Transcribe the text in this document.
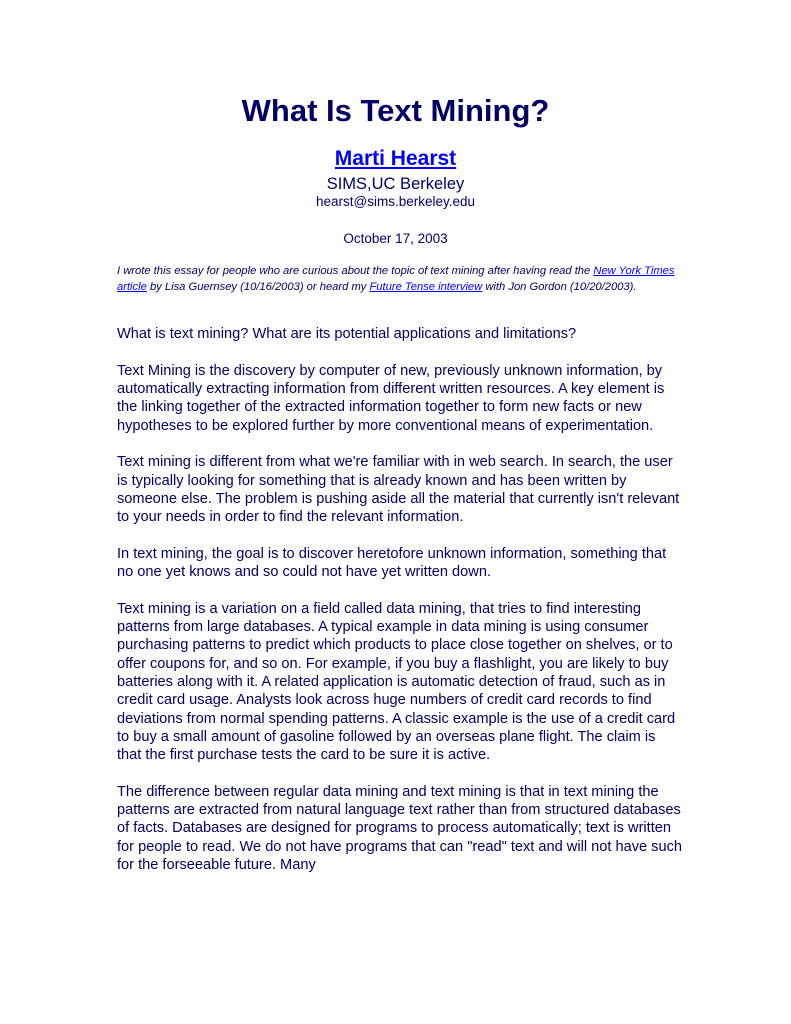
What Is Text Mining?
Marti Hearst
SIMS,UC Berkeley
hearst@sims.berkeley.edu
October 17, 2003

I wrote this essay for people who are curious about the topic of text mining after having read the New York Times article by Lisa Guernsey (10/16/2003) or heard my Future Tense interview with Jon Gordon (10/20/2003).

What is text mining? What are its potential applications and limitations?

Text Mining is the discovery by computer of new, previously unknown information, by automatically extracting information from different written resources. A key element is the linking together of the extracted information together to form new facts or new hypotheses to be explored further by more conventional means of experimentation.

Text mining is different from what we're familiar with in web search. In search, the user is typically looking for something that is already known and has been written by someone else. The problem is pushing aside all the material that currently isn't relevant to your needs in order to find the relevant information.

In text mining, the goal is to discover heretofore unknown information, something that no one yet knows and so could not have yet written down.

Text mining is a variation on a field called data mining, that tries to find interesting patterns from large databases. A typical example in data mining is using consumer purchasing patterns to predict which products to place close together on shelves, or to offer coupons for, and so on. For example, if you buy a flashlight, you are likely to buy batteries along with it. A related application is automatic detection of fraud, such as in credit card usage. Analysts look across huge numbers of credit card records to find deviations from normal spending patterns. A classic example is the use of a credit card to buy a small amount of gasoline followed by an overseas plane flight. The claim is that the first purchase tests the card to be sure it is active.

The difference between regular data mining and text mining is that in text mining the patterns are extracted from natural language text rather than from structured databases of facts. Databases are designed for programs to process automatically; text is written for people to read. We do not have programs that can "read" text and will not have such for the forseeable future. Many
